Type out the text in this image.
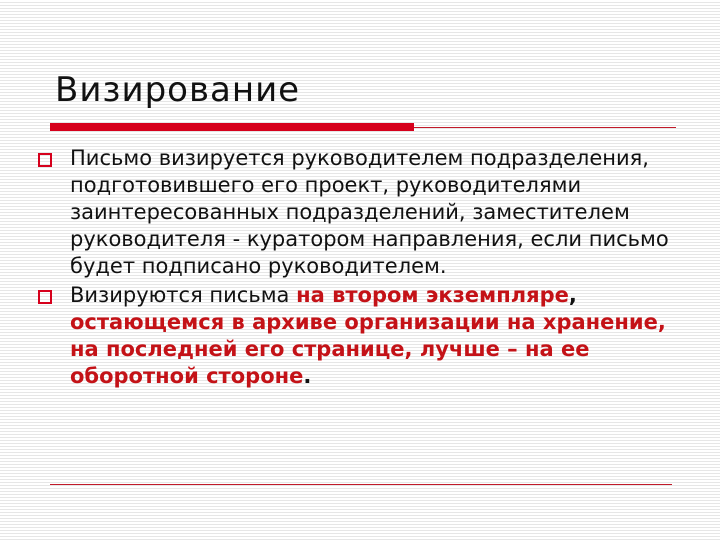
Визирование
Письмо визируется руководителем подразделения, подготовившего его проект, руководителями заинтересованных подразделений, заместителем руководителя - куратором направления, если письмо будет подписано руководителем.
Визируются письма на втором экземпляре, остающемся в архиве организации на хранение, на последней его странице, лучше – на ее оборотной стороне.
